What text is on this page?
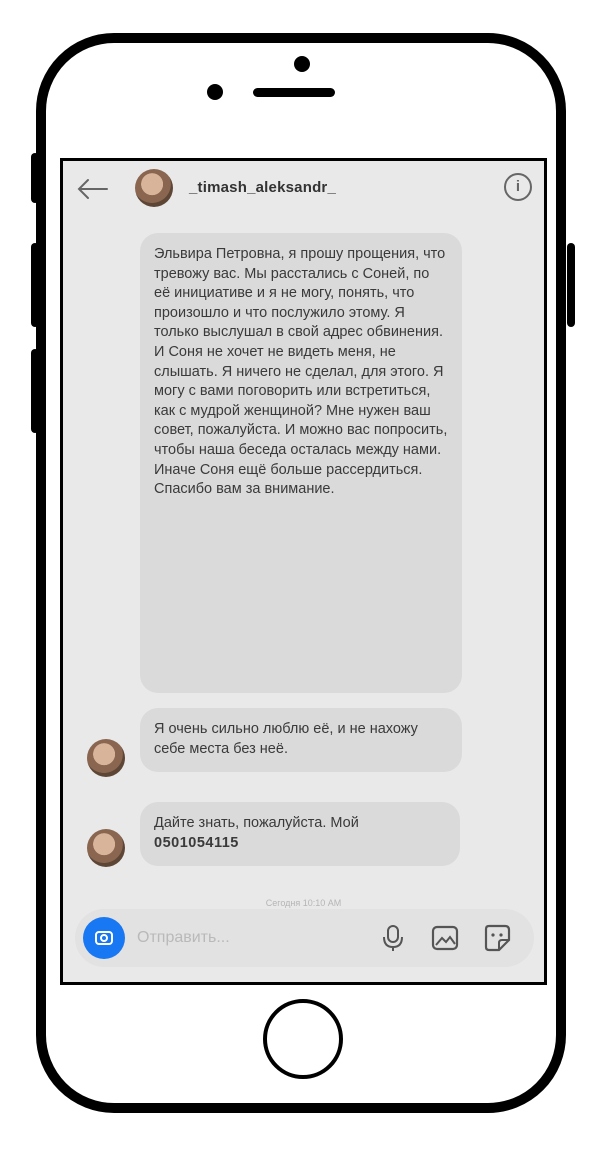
_timash_aleksandr_	i

Эльвира Петровна, я прошу прощения, что тревожу вас. Мы расстались с Соней, по её инициативе и я не могу, понять, что произошло и что послужило этому. Я только выслушал в свой адрес обвинения. И Соня не хочет не видеть меня, не слышать. Я ничего не сделал, для этого. Я могу с вами поговорить или встретиться, как с мудрой женщиной? Мне нужен ваш совет, пожалуйста. И можно вас попросить, чтобы наша беседа осталась между нами. Иначе Соня ещё больше рассердиться. Спасибо вам за внимание.

Я очень сильно люблю её, и не нахожу себе места без неё.

Дайте знать, пожалуйста. Мой

0501054115

Сегодня 10:10 AM
Отправить...
